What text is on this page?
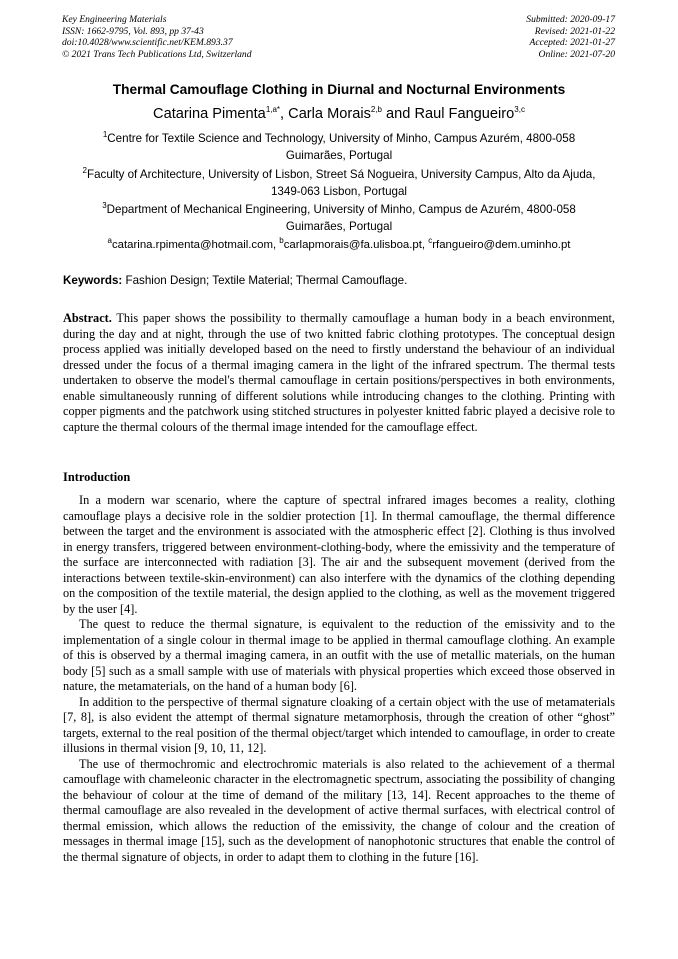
Key Engineering Materials
ISSN: 1662-9795, Vol. 893, pp 37-43
doi:10.4028/www.scientific.net/KEM.893.37
© 2021 Trans Tech Publications Ltd, Switzerland
Submitted: 2020-09-17
Revised: 2021-01-22
Accepted: 2021-01-27
Online: 2021-07-20
Thermal Camouflage Clothing in Diurnal and Nocturnal Environments
Catarina Pimenta$^{1,a*}$, Carla Morais$^{2,b}$ and Raul Fangueiro$^{3,c}$
$^1$Centre for Textile Science and Technology, University of Minho, Campus Azurém, 4800-058 Guimarães, Portugal
$^2$Faculty of Architecture, University of Lisbon, Street Sá Nogueira, University Campus, Alto da Ajuda, 1349-063 Lisbon, Portugal
$^3$Department of Mechanical Engineering, University of Minho, Campus de Azurém, 4800-058 Guimarães, Portugal
$^a$catarina.rpimenta@hotmail.com, $^b$carlapmorais@fa.ulisboa.pt, $^c$rfangueiro@dem.uminho.pt
Keywords: Fashion Design; Textile Material; Thermal Camouflage.
Abstract. This paper shows the possibility to thermally camouflage a human body in a beach environment, during the day and at night, through the use of two knitted fabric clothing prototypes. The conceptual design process applied was initially developed based on the need to firstly understand the behaviour of an individual dressed under the focus of a thermal imaging camera in the light of the infrared spectrum. The thermal tests undertaken to observe the model's thermal camouflage in certain positions/perspectives in both environments, enable simultaneously running of different solutions while introducing changes to the clothing. Printing with copper pigments and the patchwork using stitched structures in polyester knitted fabric played a decisive role to capture the thermal colours of the thermal image intended for the camouflage effect.
Introduction

In a modern war scenario, where the capture of spectral infrared images becomes a reality, clothing camouflage plays a decisive role in the soldier protection [1]. In thermal camouflage, the thermal difference between the target and the environment is associated with the atmospheric effect [2]. Clothing is thus involved in energy transfers, triggered between environment-clothing-body, where the emissivity and the temperature of the surface are interconnected with radiation [3]. The air and the subsequent movement (derived from the interactions between textile-skin-environment) can also interfere with the dynamics of the clothing depending on the composition of the textile material, the design applied to the clothing, as well as the movement triggered by the user [4].

The quest to reduce the thermal signature, is equivalent to the reduction of the emissivity and to the implementation of a single colour in thermal image to be applied in thermal camouflage clothing. An example of this is observed by a thermal imaging camera, in an outfit with the use of metallic materials, on the human body [5] such as a small sample with use of materials with physical properties which exceed those observed in nature, the metamaterials, on the hand of a human body [6].

In addition to the perspective of thermal signature cloaking of a certain object with the use of metamaterials [7, 8], is also evident the attempt of thermal signature metamorphosis, through the creation of other “ghost” targets, external to the real position of the thermal object/target which intended to camouflage, in order to create illusions in thermal vision [9, 10, 11, 12].

The use of thermochromic and electrochromic materials is also related to the achievement of a thermal camouflage with chameleonic character in the electromagnetic spectrum, associating the possibility of changing the behaviour of colour at the time of demand of the military [13, 14]. Recent approaches to the theme of thermal camouflage are also revealed in the development of active thermal surfaces, with electrical control of thermal emission, which allows the reduction of the emissivity, the change of colour and the creation of messages in thermal image [15], such as the development of nanophotonic structures that enable the control of the thermal signature of objects, in order to adapt them to clothing in the future [16].
